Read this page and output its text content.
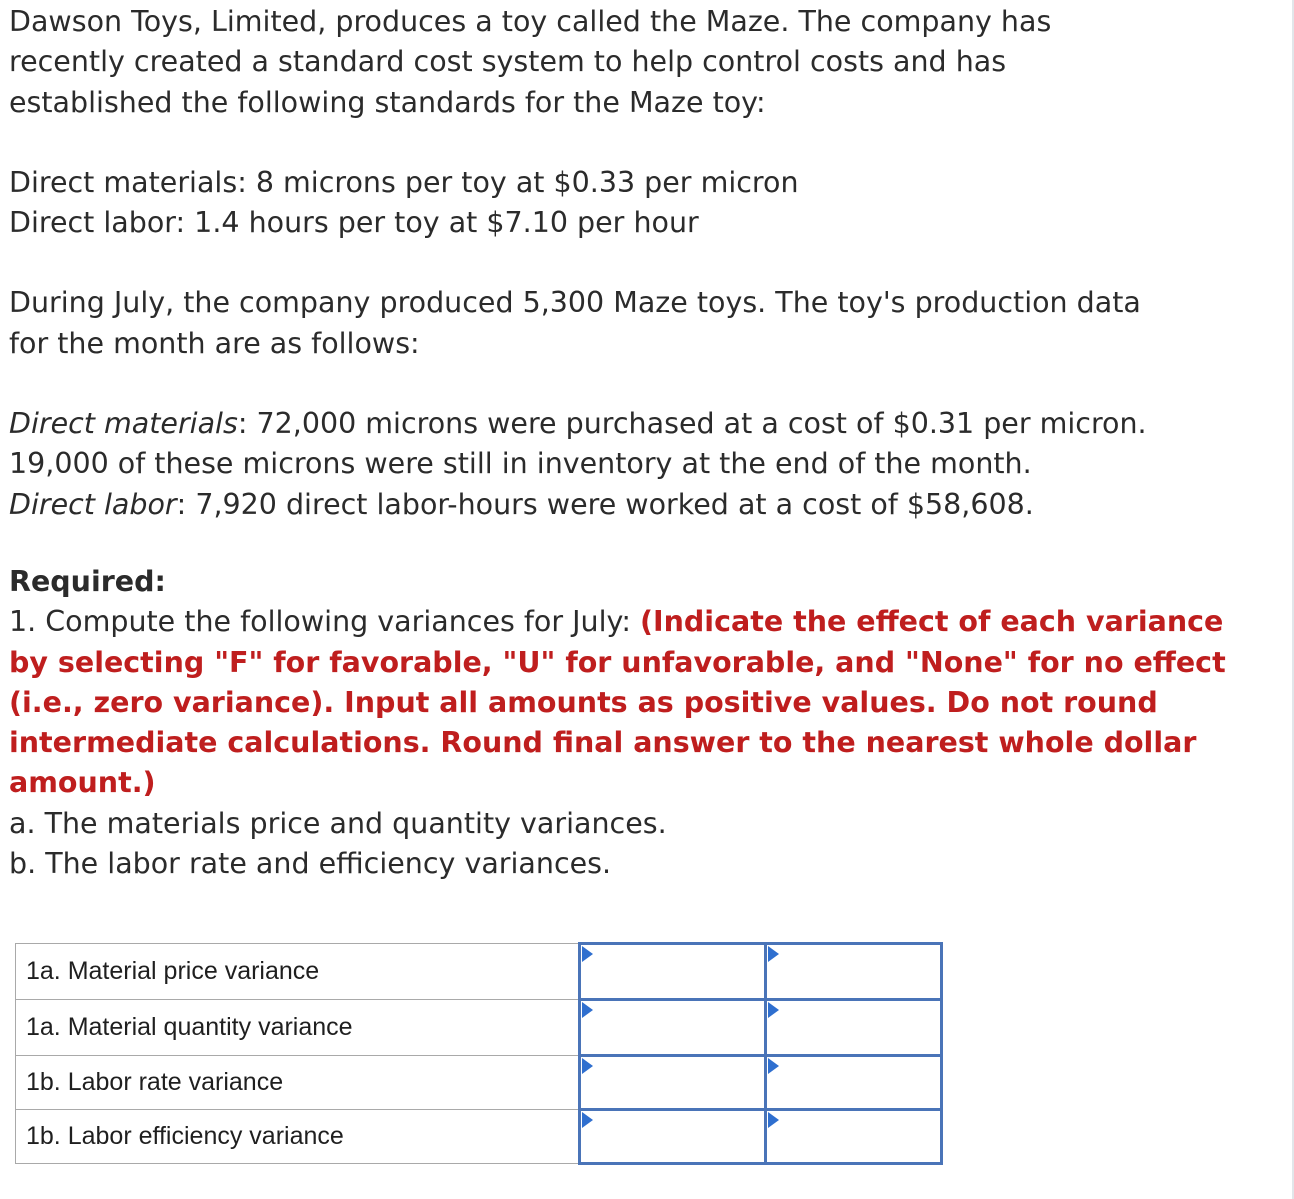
Dawson Toys, Limited, produces a toy called the Maze. The company has
recently created a standard cost system to help control costs and has
established the following standards for the Maze toy:

Direct materials: 8 microns per toy at $0.33 per micron
Direct labor: 1.4 hours per toy at $7.10 per hour

During July, the company produced 5,300 Maze toys. The toy's production data
for the month are as follows:

Direct materials: 72,000 microns were purchased at a cost of $0.31 per micron.
19,000 of these microns were still in inventory at the end of the month.
Direct labor: 7,920 direct labor-hours were worked at a cost of $58,608.

Required:
1. Compute the following variances for July: (Indicate the effect of each variance
by selecting "F" for favorable, "U" for unfavorable, and "None" for no effect
(i.e., zero variance). Input all amounts as positive values. Do not round
intermediate calculations. Round final answer to the nearest whole dollar
amount.)
a. The materials price and quantity variances.
b. The labor rate and efficiency variances.
1a. Material price variance	

1a. Material quantity variance	

1b. Labor rate variance	

1b. Labor efficiency variance	
